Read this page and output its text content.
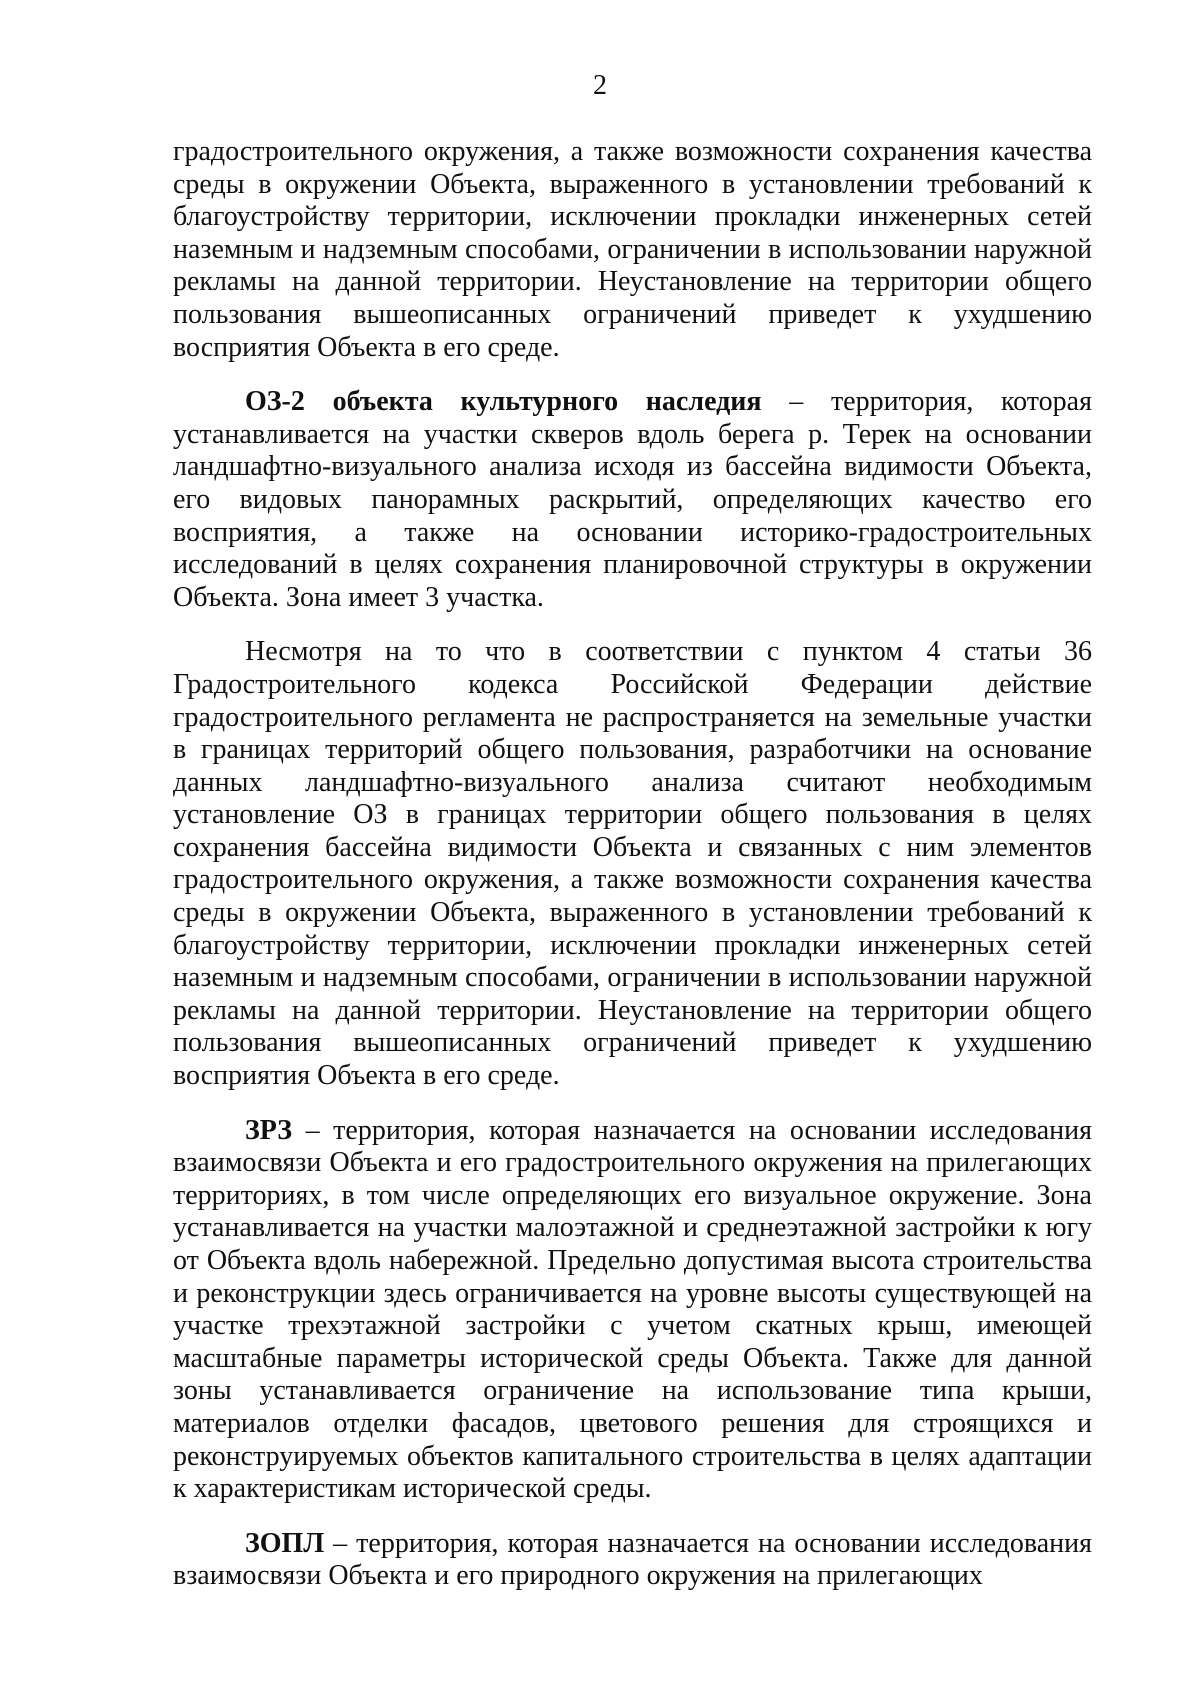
2

градостроительного окружения, а также возможности сохранения качества среды в окружении Объекта, выраженного в установлении требований к благоустройству территории, исключении прокладки инженерных сетей наземным и надземным способами, ограничении в использовании наружной рекламы на данной территории. Неустановление на территории общего пользования вышеописанных ограничений приведет к ухудшению восприятия Объекта в его среде.

ОЗ-2 объекта культурного наследия – территория, которая устанавливается на участки скверов вдоль берега р. Терек на основании ландшафтно-визуального анализа исходя из бассейна видимости Объекта, его видовых панорамных раскрытий, определяющих качество его восприятия, а также на основании историко-градостроительных исследований в целях сохранения планировочной структуры в окружении Объекта. Зона имеет 3 участка.

Несмотря на то что в соответствии с пунктом 4 статьи 36 Градостроительного кодекса Российской Федерации действие градостроительного регламента не распространяется на земельные участки в границах территорий общего пользования, разработчики на основание данных ландшафтно-визуального анализа считают необходимым установление ОЗ в границах территории общего пользования в целях сохранения бассейна видимости Объекта и связанных с ним элементов градостроительного окружения, а также возможности сохранения качества среды в окружении Объекта, выраженного в установлении требований к благоустройству территории, исключении прокладки инженерных сетей наземным и надземным способами, ограничении в использовании наружной рекламы на данной территории. Неустановление на территории общего пользования вышеописанных ограничений приведет к ухудшению восприятия Объекта в его среде.

ЗРЗ – территория, которая назначается на основании исследования взаимосвязи Объекта и его градостроительного окружения на прилегающих территориях, в том числе определяющих его визуальное окружение. Зона устанавливается на участки малоэтажной и среднеэтажной застройки к югу от Объекта вдоль набережной. Предельно допустимая высота строительства и реконструкции здесь ограничивается на уровне высоты существующей на участке трехэтажной застройки с учетом скатных крыш, имеющей масштабные параметры исторической среды Объекта. Также для данной зоны устанавливается ограничение на использование типа крыши, материалов отделки фасадов, цветового решения для строящихся и реконструируемых объектов капитального строительства в целях адаптации к характеристикам исторической среды.

ЗОПЛ – территория, которая назначается на основании исследования взаимосвязи Объекта и его природного окружения на прилегающих
